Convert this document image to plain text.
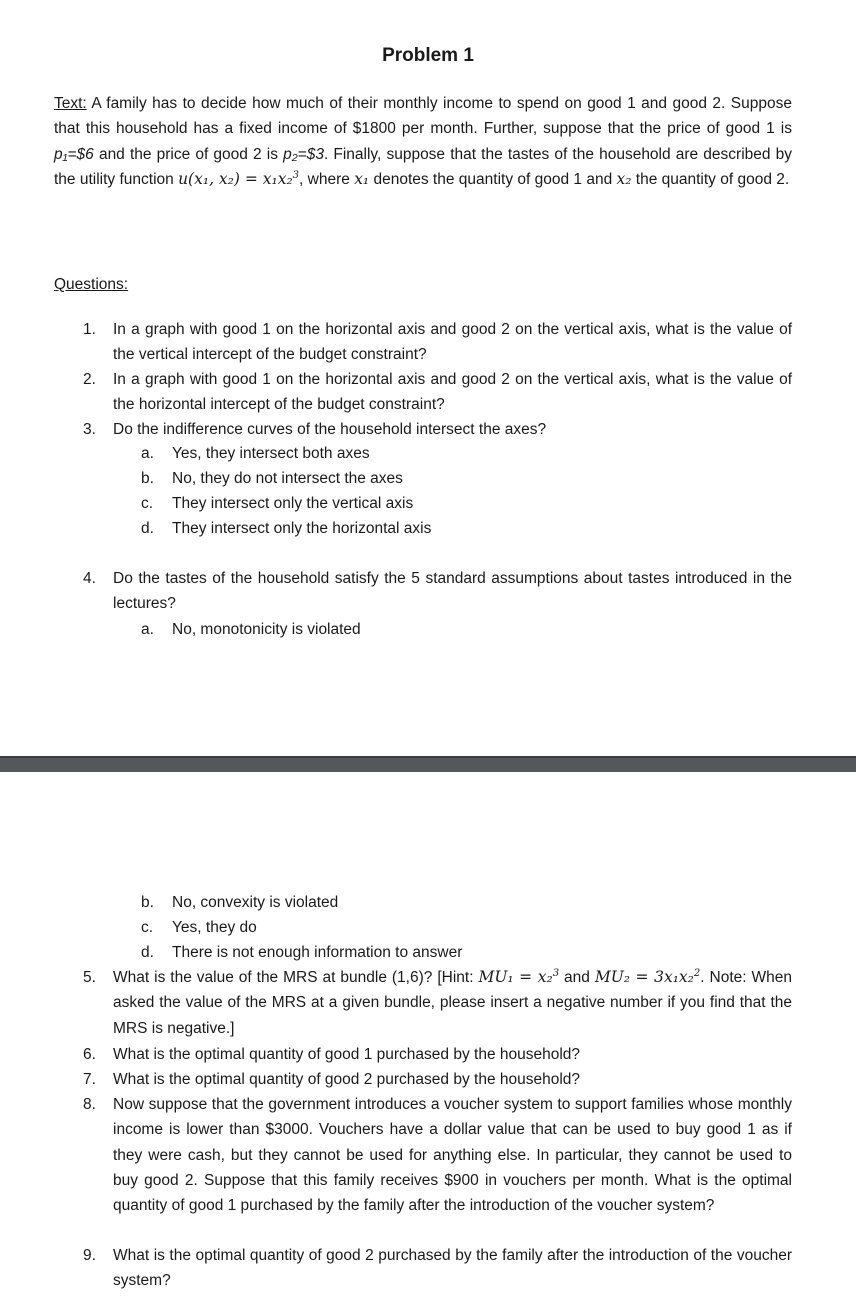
Problem 1

Text: A family has to decide how much of their monthly income to spend on good 1 and good 2. Suppose that this household has a fixed income of $1800 per month. Further, suppose that the price of good 1 is p₁=$6 and the price of good 2 is p₂=$3. Finally, suppose that the tastes of the household are described by the utility function u(x₁, x₂) = x₁x₂$^3$, where x₁ denotes the quantity of good 1 and x₂ the quantity of good 2.

Questions:
1. In a graph with good 1 on the horizontal axis and good 2 on the vertical axis, what is the value of the vertical intercept of the budget constraint?
2. In a graph with good 1 on the horizontal axis and good 2 on the vertical axis, what is the value of the horizontal intercept of the budget constraint?
3. Do the indifference curves of the household intersect the axes?
a. Yes, they intersect both axes
b. No, they do not intersect the axes
c. They intersect only the vertical axis
d. They intersect only the horizontal axis
4. Do the tastes of the household satisfy the 5 standard assumptions about tastes introduced in the lectures?
a. No, monotonicity is violated
b. No, convexity is violated
c. Yes, they do
d. There is not enough information to answer
5. What is the value of the MRS at bundle (1,6)? [Hint: MU₁ = x₂$^3$ and MU₂ = 3x₁x₂$^2$. Note: When asked the value of the MRS at a given bundle, please insert a negative number if you find that the MRS is negative.]
6. What is the optimal quantity of good 1 purchased by the household?
7. What is the optimal quantity of good 2 purchased by the household?
8. Now suppose that the government introduces a voucher system to support families whose monthly income is lower than $3000. Vouchers have a dollar value that can be used to buy good 1 as if they were cash, but they cannot be used for anything else. In particular, they cannot be used to buy good 2. Suppose that this family receives $900 in vouchers per month. What is the optimal quantity of good 1 purchased by the family after the introduction of the voucher system?
9. What is the optimal quantity of good 2 purchased by the family after the introduction of the voucher system?
